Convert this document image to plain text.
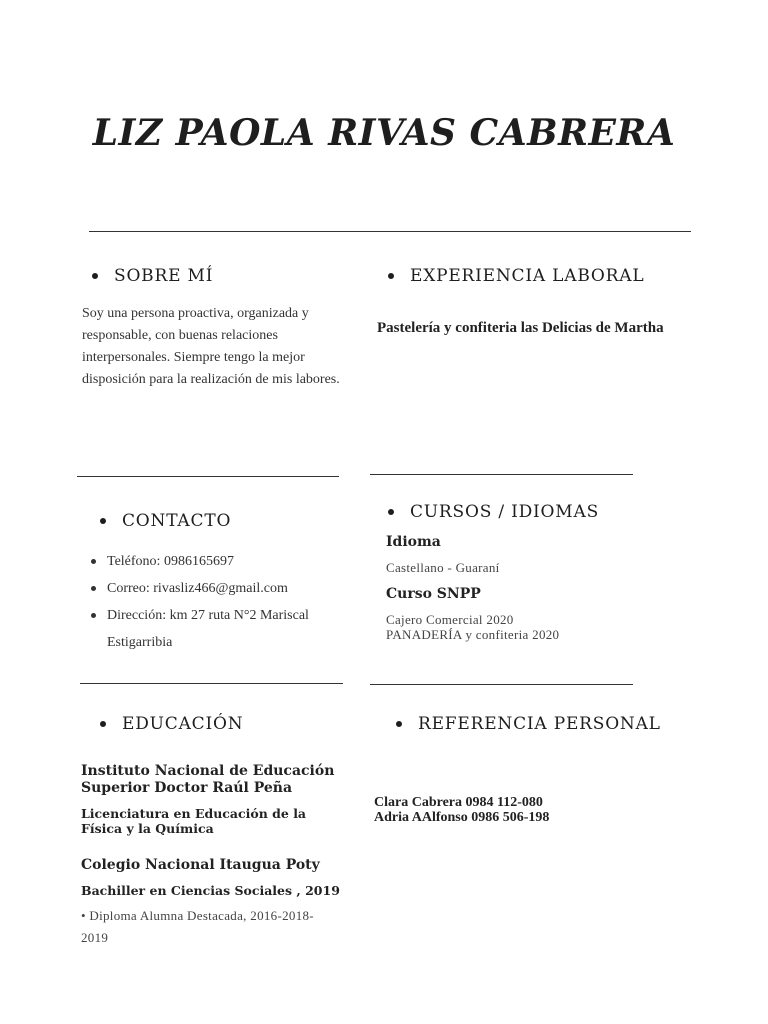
LIZ PAOLA RIVAS CABRERA
SOBRE MÍ
Soy una persona proactiva, organizada y responsable, con buenas relaciones interpersonales. Siempre tengo la mejor disposición para la realización de mis labores.
EXPERIENCIA LABORAL
Pastelería y confiteria las Delicias de Martha
CONTACTO
Teléfono: 0986165697
Correo: rivasliz466@gmail.com
Dirección: km 27 ruta N°2 Mariscal Estigarribia
CURSOS / IDIOMAS
Idioma
Castellano - Guaraní
Curso SNPP
Cajero Comercial 2020
PANADERÍA y confiteria 2020
EDUCACIÓN
Instituto Nacional de Educación Superior Doctor Raúl Peña
Licenciatura en Educación de la Física y la Química
Colegio Nacional Itaugua Poty
Bachiller en Ciencias Sociales , 2019
• Diploma Alumna Destacada, 2016-2018-2019
REFERENCIA PERSONAL
Clara Cabrera 0984 112-080
Adria AAlfonso 0986 506-198
